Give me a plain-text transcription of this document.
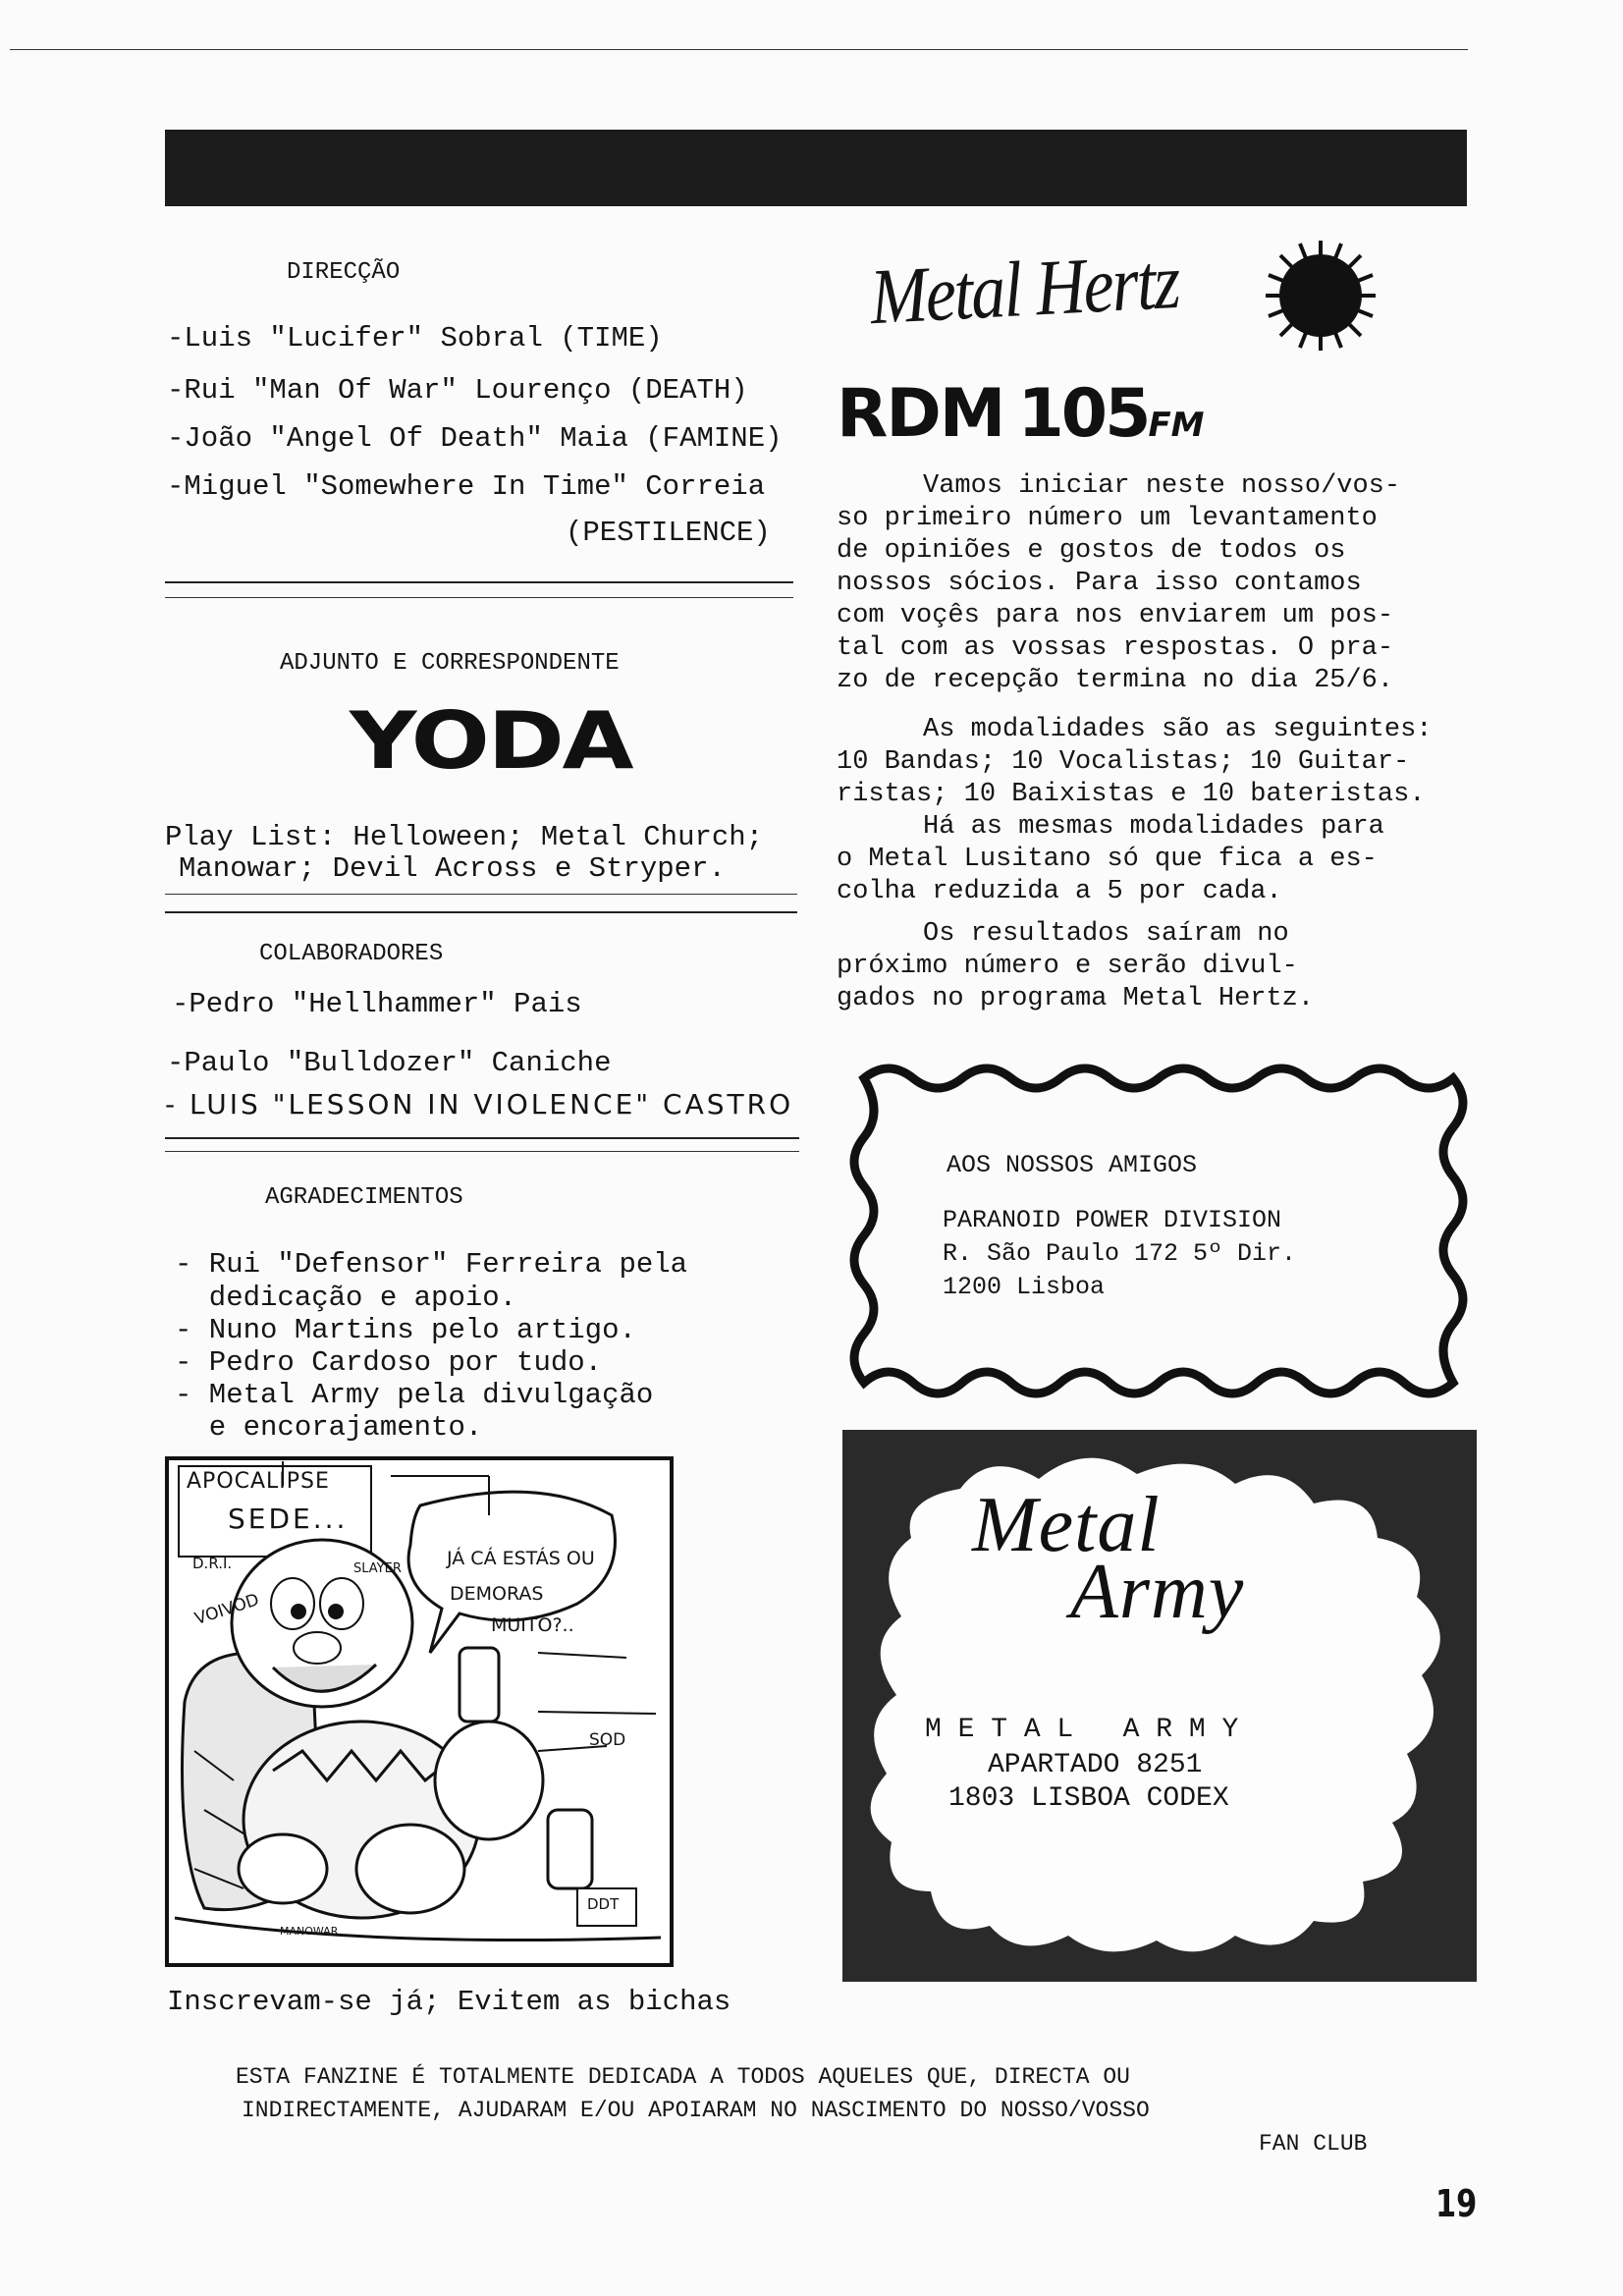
DIRECÇÃO
-Luis "Lucifer" Sobral (TIME)
-Rui "Man Of War" Lourenço (DEATH)
-João "Angel Of Death" Maia (FAMINE)
-Miguel "Somewhere In Time" Correia
(PESTILENCE)
ADJUNTO E CORRESPONDENTE
YODA
Play List: Helloween; Metal Church;
Manowar; Devil Across e Stryper.
COLABORADORES
-Pedro "Hellhammer" Pais
-Paulo "Bulldozer" Caniche
- LUIS "LESSON IN VIOLENCE" CASTRO
AGRADECIMENTOS
- Rui "Defensor" Ferreira pela
dedicação e apoio.
- Nuno Martins pelo artigo.
- Pedro Cardoso por tudo.
- Metal Army pela divulgação
e encorajamento.
APOCALIPSE
SEDE...
JÁ CÁ ESTÁS OU
DEMORAS
MUITO?..
D.R.I.	SLAYER
VOIVOD
SOD
DDT
MANOWAR
Inscrevam-se já; Evitem as bichas
Metal Hertz
RDM 105FM
Vamos iniciar neste nosso/vos-
so primeiro número um levantamento
de opiniões e gostos de todos os
nossos sócios. Para isso contamos
com voçês para nos enviarem um pos-
tal com as vossas respostas. O pra-
zo de recepção termina no dia 25/6.
As modalidades são as seguintes:
10 Bandas; 10 Vocalistas; 10 Guitar-
ristas; 10 Baixistas e 10 bateristas.
Há as mesmas modalidades para
o Metal Lusitano só que fica a es-
colha reduzida a 5 por cada.
Os resultados saíram no
próximo número e serão divul-
gados no programa Metal Hertz.
AOS NOSSOS AMIGOS
PARANOID POWER DIVISION
R. São Paulo 172 5º Dir.
1200 Lisboa
Metal
Army
M E T A L   A R M Y
APARTADO 8251
1803 LISBOA CODEX
ESTA FANZINE É TOTALMENTE DEDICADA A TODOS AQUELES QUE, DIRECTA OU
INDIRECTAMENTE, AJUDARAM E/OU APOIARAM NO NASCIMENTO DO NOSSO/VOSSO
FAN CLUB
19
